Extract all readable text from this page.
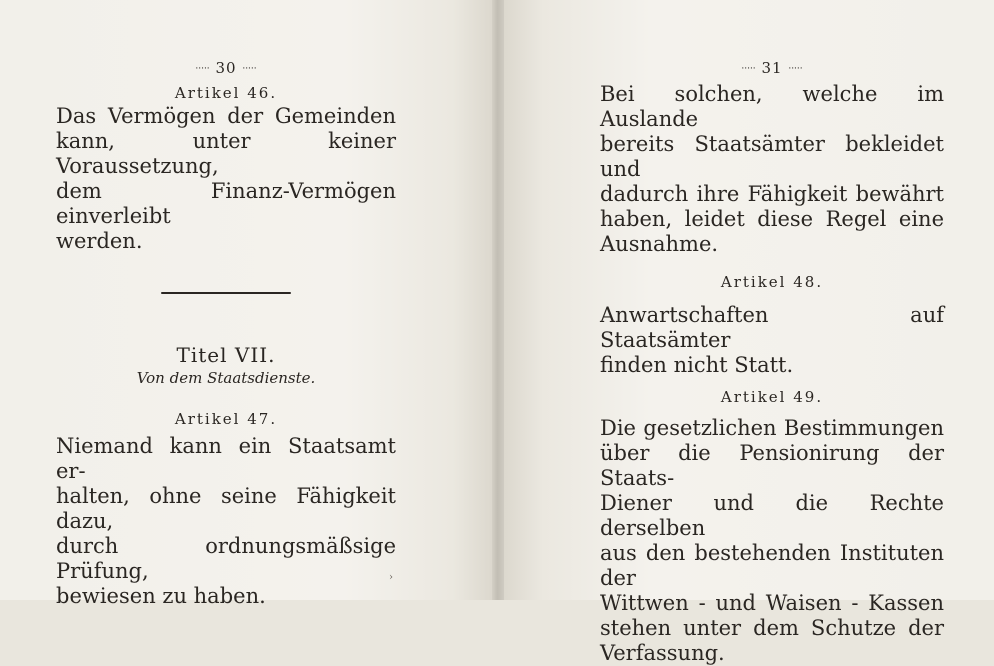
····· 30 ·····
Artikel 46.
Das Vermögen der Gemeinden
kann, unter keiner Voraussetzung,
dem Finanz-Vermögen einverleibt
werden.
Titel VII.
Von dem Staatsdienste.
Artikel 47.
Niemand kann ein Staatsamt er-
halten, ohne seine Fähigkeit dazu,
durch ordnungsmäßsige Prüfung,
bewiesen zu haben.
›
····· 31 ·····
Bei solchen, welche im Auslande
bereits Staatsämter bekleidet und
dadurch ihre Fähigkeit bewährt
haben, leidet diese Regel eine
Ausnahme.
Artikel 48.
Anwartschaften auf Staatsämter
finden nicht Statt.
Artikel 49.
Die gesetzlichen Bestimmungen
über die Pensionirung der Staats-
Diener und die Rechte derselben
aus den bestehenden Instituten der
Wittwen - und Waisen - Kassen
stehen unter dem Schutze der
Verfassung.
